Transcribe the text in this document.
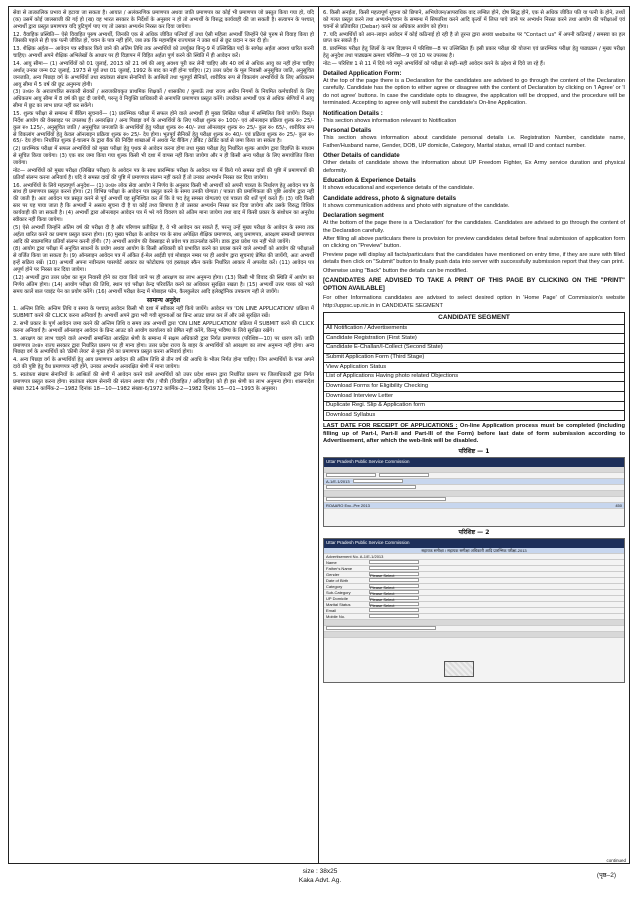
सेवा से तात्कालिक प्रभाव से हटाया जा सकता है। आयात / अलंकरणिक प्रमाणपत्र अथवा जाति प्रमाणपत्र का कोई भी प्रमाणपत्र जो प्रस्तुत किया गया हो, यदि (क) उसमें कोई जालसाजी की गई हो (ख) वह भारत सरकार के निर्देशों के अनुसार न हो तो अभ्यर्थी के विरुद्ध कार्यवाही की जा सकती है। सत्यापन के पश्चात् अभ्यर्थी द्वारा प्रस्तुत प्रमाणपत्र यदि त्रुटिपूर्ण पाए गए तो उसका अभ्यर्थन निरस्त कर दिया जायेगा।

12. वैवाहिक प्रस्थिति— ऐसे विवाहित पुरुष अभ्यर्थी, जिनकी एक से अधिक जीवित पत्नियाँ हों तथा ऐसी महिला अभ्यर्थी जिन्होंने ऐसे पुरुष से विवाह किया हो जिसकी पहले से ही एक पत्नी जीवित हो, चयन के पात्र नहीं होंगे, जब तक कि महामहिम राज्यपाल ने उक्त शर्त से छूट प्रदान न कर दी हो।

13. शैक्षिक अर्हता— आवेदन पत्र स्वीकार किये जाने की अंतिम तिथि तक अभ्यर्थियों को उपर्युक्त बिन्दु-9 में उल्लिखित पदों के सापेक्ष अर्हता अवश्य धारित करनी चाहिए। अभ्यर्थी अपने शैक्षिक अभिलेखों के आधार पर ही विज्ञापन में विहित अर्हता पूर्ण करने की स्थिति में ही आवेदन करें।

14. आयु सीमा— (1) अभ्यर्थियों को 01 जुलाई, 2013 को 21 वर्ष की आयु अवश्य पूरी कर लेनी चाहिए और 40 वर्ष से अधिक आयु का नहीं होना चाहिए अर्थात् उनका जन्म 02 जुलाई, 1973 से पूर्व तथा 01 जुलाई, 1992 के बाद का नहीं होना चाहिए। (2) उत्तर प्रदेश के मूल निवासी अनुसूचित जाति, अनुसूचित जनजाति, अन्य पिछड़ा वर्ग के अभ्यर्थियों तथा स्वतंत्रता संग्राम सेनानियों के आश्रितों तथा भूतपूर्व सैनिकों, शारीरिक रूप से विकलांग अभ्यर्थियों के लिए अधिकतम आयु सीमा में 5 वर्ष की छूट अनुमन्य होगी।

(3) उ०प्र० के अराजपत्रित सरकारी सेवकों / अराजकीयकृत प्राथमिक शिक्षकों / शासकीय / कुमाऊँ तथा राज्य अधीन निगमों के नियमित कर्मचारियों के लिए अधिकतम आयु सीमा में 8 वर्ष की छूट दी जायेगी, परन्तु वे नियुक्ति प्राधिकारी से अनापत्ति प्रमाणपत्र प्रस्तुत करेंगे। उपरोक्त अभ्यर्थी एक से अधिक श्रेणियों में आयु सीमा में छूट का लाभ प्राप्त नहीं कर सकेंगे।

15. शुल्क परीक्षा से सम्बन्ध में बैंकिग सूचनायें— (1) प्रारम्भिक परीक्षा में सफल होने वाले अभ्यर्थी ही मुख्य लिखित परीक्षा में सम्मिलित किये जायेंगे। विस्तृत निर्देश आयोग की वेबसाइट पर उपलब्ध हैं। अनारक्षित / अन्य पिछड़ा वर्ग के अभ्यर्थियों के लिए परीक्षा शुल्क रु० 100/- एवं ऑनलाइन प्रक्रिया शुल्क रु० 25/- कुल रु० 125/-, अनुसूचित जाति / अनुसूचित जनजाति के अभ्यर्थियों हेतु परीक्षा शुल्क रु० 40/- तथा ऑनलाइन शुल्क रु० 25/- कुल रु० 65/-, शारीरिक रूप से विकलांग अभ्यर्थियों हेतु केवल ऑनलाइन प्रक्रिया शुल्क रु० 25/- देय होगा। भूतपूर्व सैनिकों हेतु परीक्षा शुल्क रु० 40/- एवं प्रक्रिया शुल्क रु० 25/- कुल रु० 65/- देय होगा। निर्धारित शुल्क ई-चालान के द्वारा बैंक की निर्दिष्ट शाखाओं में अथवा नेट बैंकिंग / डेबिट / क्रेडिट कार्ड से जमा किया जा सकता है।

(2) प्रारम्भिक परीक्षा में सफल अभ्यर्थियों को मुख्य परीक्षा हेतु पृथक से आवेदन करना होगा तथा मुख्य परीक्षा हेतु निर्धारित शुल्क आयोग द्वारा विज्ञप्ति के माध्यम से सूचित किया जायेगा। (3) एक बार जमा किया गया शुल्क किसी भी दशा में वापस नहीं किया जायेगा और न ही किसी अन्य परीक्षा के लिए समायोजित किया जायेगा।

नोट— अभ्यर्थियों को मुख्य परीक्षा (लिखित परीक्षा) के आवेदन पत्र के साथ प्रारम्भिक परीक्षा के आवेदन पत्र में किये गये समस्त दावों की पुष्टि में प्रमाणपत्रों की प्रतियाँ संलग्न करना अनिवार्य है। यदि वे समस्त दावों की पुष्टि में प्रमाणपत्र संलग्न नहीं करते हैं तो उनका अभ्यर्थन निरस्त कर दिया जायेगा।

16. अभ्यर्थियों के लिये महत्वपूर्ण अनुदेश— (1) उ०प्र० लोक सेवा आयोग ने निर्णय के अनुसार किसी भी अभ्यर्थी को अपनी पात्रता के निर्धारण हेतु आवेदन पत्र के साथ ही प्रमाणपत्र प्रस्तुत करना होगा। (2) विभिन्न परीक्षा के आवेदन पत्र प्रस्तुत करने के समय उनकी योग्यता / पात्रता की प्रमाणिकता की पुष्टि आयोग द्वारा नहीं की जाती है। अतः आवेदन पत्र प्रस्तुत करने से पूर्व अभ्यर्थी यह सुनिश्चित कर लें कि वे पद हेतु समस्त योग्यताएं एवं पात्रता की शर्तें पूर्ण करते हैं। (3) यदि किसी स्तर पर यह पाया जाता है कि अभ्यर्थी ने असत्य सूचना दी है या कोई तथ्य छिपाया है तो उसका अभ्यर्थन निरस्त कर दिया जायेगा और उसके विरुद्ध विधिक कार्यवाही की जा सकती है। (4) अभ्यर्थी द्वारा ऑनलाइन आवेदन पत्र में भरे गये विवरण को अंतिम माना जायेगा तथा बाद में किसी प्रकार के संशोधन का अनुरोध स्वीकार नहीं किया जायेगा।

(5) ऐसे अभ्यर्थी जिन्होंने अंतिम वर्ष की परीक्षा दी है और परिणाम प्रतीक्षित है, वे भी आवेदन कर सकते हैं, परन्तु उन्हें मुख्य परीक्षा के आवेदन के समय तक अर्हता धारित करने का प्रमाण प्रस्तुत करना होगा। (6) मुख्य परीक्षा के आवेदन पत्र के साथ अपेक्षित शैक्षिक प्रमाणपत्र, आयु प्रमाणपत्र, आरक्षण सम्बन्धी प्रमाणपत्र आदि की स्वप्रमाणित प्रतियाँ संलग्न करनी होंगी। (7) अभ्यर्थी आयोग की वेबसाइट से प्रवेश पत्र डाउनलोड करेंगे। डाक द्वारा प्रवेश पत्र नहीं भेजे जायेंगे।

(8) आयोग द्वारा परीक्षा में अनुचित साधनों के प्रयोग अथवा आयोग के किसी अधिकारी को प्रभावित करने का प्रयास करने वाले अभ्यर्थी को आयोग की परीक्षाओं से वर्जित किया जा सकता है। (9) ऑनलाइन आवेदन पत्र में अंकित ई-मेल आईडी एवं मोबाइल नम्बर पर ही आयोग द्वारा सूचनाएं प्रेषित की जायेंगी, अतः अभ्यर्थी इन्हें सक्रिय रखें। (10) अभ्यर्थी अपना नवीनतम पासपोर्ट आकार का फोटोग्राफ एवं हस्ताक्षर स्कैन करके निर्धारित आकार में अपलोड करें। (11) आवेदन पत्र अपूर्ण होने पर निरस्त कर दिया जायेगा।

(12) अभ्यर्थी द्वारा उत्तर प्रदेश का मूल निवासी होने का दावा किये जाने पर ही आरक्षण का लाभ अनुमन्य होगा। (13) किसी भी विवाद की स्थिति में आयोग का निर्णय अंतिम होगा। (14) आयोग परीक्षा की तिथि, स्थान एवं परीक्षा केन्द्र परिवर्तित करने का अधिकार सुरक्षित रखता है। (15) अभ्यर्थी उत्तर पत्रक को भरते समय कालें बाल प्वाइंट पेन का प्रयोग करेंगे। (16) अभ्यर्थी परीक्षा केन्द्र में मोबाइल फोन, कैलकुलेटर आदि इलेक्ट्रॉनिक उपकरण नहीं ले जायेंगे।

सामान्य अनुदेश

1. अन्तिम तिथि: अन्तिम तिथि व समय के पश्चात् आवेदन किसी भी दशा में स्वीकार नहीं किये जायेंगे। आवेदन पत्र 'ON LINE APPLICATION' प्रक्रिया में SUBMIT करने की CLICK करना अनिवार्य है। अभ्यर्थी अपने द्वारा भरी गयी सूचनाओं का प्रिन्ट आउट प्राप्त कर लें और उसे सुरक्षित रखें।

2. सभी प्रकार के पूर्ण आवेदन जमा करने की अन्तिम तिथि व समय तक अभ्यर्थी द्वारा 'ON LINE APPLICATION' प्रक्रिया में SUBMIT करने की CLICK करना अनिवार्य है। अभ्यर्थी ऑनलाइन आवेदन के प्रिन्ट आउट को आयोग कार्यालय को प्रेषित नहीं करेंगे, किन्तु भविष्य के लिये सुरक्षित रखेंगे।

3. आरक्षण का लाभ चाहने वाले अभ्यर्थी सम्बन्धित आरक्षित श्रेणी के सम्बन्ध में सक्षम अधिकारी द्वारा निर्गत प्रमाणपत्र (परिशिष्ट—10) पर धारण करें। जाति प्रमाणपत्र उ०प्र० राज्य सरकार द्वारा निर्धारित प्रारूप पर ही मान्य होगा। उत्तर प्रदेश राज्य के बाहर के अभ्यर्थियों को आरक्षण का लाभ अनुमन्य नहीं होगा। अन्य पिछड़ा वर्ग के अभ्यर्थियों को 'क्रीमी लेयर' से मुक्त होने का प्रमाणपत्र प्रस्तुत करना अनिवार्य होगा।

4. अन्य पिछड़ा वर्ग के अभ्यर्थियों हेतु आय प्रमाणपत्र आवेदन की अंतिम तिथि से तीन वर्ष की अवधि के भीतर निर्गत होना चाहिए। जिन अभ्यर्थियों के पास अपने दावे की पुष्टि हेतु वैध प्रमाणपत्र नहीं होंगे, उनका अभ्यर्थन अनारक्षित श्रेणी में माना जायेगा।

5. स्वतंत्रता संग्राम सेनानियों के आश्रितों की श्रेणी में आवेदन करने वाले अभ्यर्थियों को उत्तर प्रदेश शासन द्वारा निर्धारित प्रारूप पर जिलाधिकारी द्वारा निर्गत प्रमाणपत्र प्रस्तुत करना होगा। स्वतंत्रता संग्राम सेनानी की संतान अथवा पौत्र / पौत्री (विवाहित / अविवाहित) को ही इस श्रेणी का लाभ अनुमन्य होगा। शासनादेश संख्या 3214 कार्मिक-2—1982 दिनांक 18—10—1982 संख्या-6/1972 कार्मिक-2—1982 दिनांक 15—01—1993 के अनुसार।

6. किसी अनर्हता, किसी महत्वपूर्ण सूचना को छिपाने, अभियोजन/आपराधिक वाद लम्बित होने, दोष सिद्ध होने, एक से अधिक जीवित पति या पत्नी के होने, तथ्यों को गलत प्रस्तुत करने तथा अभ्यर्थन/चयन के सम्बन्ध में सिफारिश करने आदि कृत्यों में लिप्त पाये जाने पर अभ्यर्थन निरस्त करने तथा आयोग की परीक्षाओं एवं चयनों से प्रतिवारित (Debar) करने का अधिकार आयोग को होगा।

7. यदि अभ्यर्थियों को आन–लाइन आवेदन में कोई कठिनाई हो रही है तो तुरन्त द्वारा अथवा website पर "Contact us" में अपनी कठिनाई / समस्या का हल प्राप्त कर सकते हैं।

8. प्रारम्भिक परीक्षा हेतु जिलों के नाम विज्ञापन में परिशिष्ट—8 पर उल्लिखित हैं। इसी प्रकार परीक्षा की योजना एवं प्रारम्भिक परीक्षा हेतु पाठ्यक्रम / मुख्य परीक्षा हेतु अनुदेश तथा पाठ्यक्रम क्रमशः परिशिष्ट—9 एवं 10 पर उपलब्ध है।

नोट:— परिशिष्ट 1 से 11 में दिये गये नमूने अभ्यर्थियों को परीक्षा से सही–सही आवेदन करने के उद्देश्य से दिये जा रहे हैं।

Detailed Application Form:

At the top of the page there is a Declaration for the candidates are advised to go through the content of the Declaration carefully. Candidate has the option to either agree or disagree with the content of Declaration by clicking on 'I Agree' or 'I do not agree' buttons. In case the candidate opts to disagree, the application will be dropped, and the procedure will be terminated. Accepting to agree only will submit the candidate's On-line Application.

Notification Details :

This section shows information relevant to Notification

Personal Details

This section shows information about candidate personal details i.e. Registration Number, candidate name, Father/Husband name, Gender, DOB, UP domicile, Category, Marital status, email ID and contact number.

Other Details of candidate

Other details of candidate shows the information about UP Freedom Fighter, Ex Army service duration and physical deformity.

Education & Experience Details

It shows educational and experience details of the candidate.

Candidate address, photo & signature details

It shows communication address and photo with signature of the candidate.

Declaration segment

At the bottom of the page there is a 'Declaration' for the candidates. Candidates are advised to go through the content of the Declaration carefully.

After filling all above particulars there is provision for preview candidates detail before final submission of application form on clicking on "Preview" button.

Preview page will display all facts/particulars that the candidates have mentioned on entry time, if they are sure with filled details then click on "Submit" button to finally push data into server with successfully submission report that they can print.

Otherwise using "Back" button the details can be modified.

[CANDIDATES ARE ADVISED TO TAKE A PRINT OF THIS PAGE BY CLICKING ON THE "PRINT" OPTION AVAILABLE]

For other Informations candidates are advised to select desired option in 'Home Page' of Commission's website http://uppsc.up.nic.in in CANDIDATE SEGMENT

CANDIDATE SEGMENT
All Notification / Advertisements
Candidate Registration (First State)
Candidate E-Challan/I-Collect (Second State)
Submit Application Form (Third Stage)
View Application Status
List of Applications Having photo related Objections
Download Forms for Eligibility Checking
Download Interview Letter
Duplicate Regi. Slip & Application form
Download Syllabus

LAST DATE FOR RECEIPT OF APPLICATIONS : On-line Application process must be completed (including filling up of Part-I, Part-II and Part-III of the Form) before last date of form submission according to Advertisement, after which the web-link will be disabled.

परिशिष्ट — 1
Uttar Pradesh Public Service Commission
A-1/E-1/2013
ROAARO Exc.-Pre 2013	450
परिशिष्ट — 2
Uttar Pradesh Public Service Commission
सहायक समीक्षा / सहायक समीक्षा अधिकारी आदि प्रारम्भिक परीक्षा-2013
Advertisement No. A-1/E-1/2013
Name
Father's Name
Gender	Please Select
Date of Birth
Category	Please Select
Sub-Category	Please Select
UP Domicile	Please Select
Marital Status	Please Select
Email
Mobile No.
continued
size : 38x25
Kaka Advt. Ag.
(पृष्ठ–2)
